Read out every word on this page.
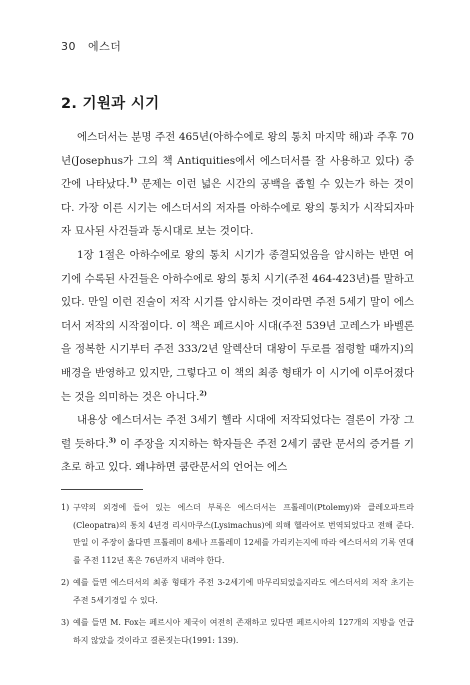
30 에스더
2. 기원과 시기

에스더서는 분명 주전 465년(아하수에로 왕의 통치 마지막 해)과 주후 70년(Josephus가 그의 책 Antiquities에서 에스더서를 잘 사용하고 있다) 중간에 나타났다.$^{1)}$ 문제는 이런 넓은 시간의 공백을 좁힐 수 있는가 하는 것이다. 가장 이른 시기는 에스더서의 저자를 아하수에로 왕의 통치가 시작되자마자 묘사된 사건들과 동시대로 보는 것이다.

1장 1절은 아하수에로 왕의 통치 시기가 종결되었음을 암시하는 반면 여기에 수록된 사건들은 아하수에로 왕의 통치 시기(주전 464-423년)를 말하고 있다. 만일 이런 진술이 저작 시기를 암시하는 것이라면 주전 5세기 말이 에스더서 저작의 시작점이다. 이 책은 페르시아 시대(주전 539년 고레스가 바벨론을 정복한 시기부터 주전 333/2년 알렉산더 대왕이 두로를 점령할 때까지)의 배경을 반영하고 있지만, 그렇다고 이 책의 최종 형태가 이 시기에 이루어졌다는 것을 의미하는 것은 아니다.$^{2)}$

내용상 에스더서는 주전 3세기 헬라 시대에 저작되었다는 결론이 가장 그럴 듯하다.$^{3)}$ 이 주장을 지지하는 학자들은 주전 2세기 쿰란 문서의 증거를 기초로 하고 있다. 왜냐하면 쿰란문서의 언어는 에스

1) 구약의 외경에 들어 있는 에스더 부록은 에스더서는 프톨레미(Ptolemy)와 클레오파트라(Cleopatra)의 통치 4년경 리시마쿠스(Lysimachus)에 의해 헬라어로 번역되었다고 전해 준다. 만일 이 주장이 옳다면 프톨레미 8세나 프톨레미 12세를 가리키는지에 따라 에스더서의 기록 연대를 주전 112년 혹은 76년까지 내려야 한다.
2) 예를 들면 에스더서의 최종 형태가 주전 3-2세기에 마무리되었을지라도 에스더서의 저작 초기는 주전 5세기경일 수 있다.
3) 예를 들면 M. Fox는 페르시아 제국이 여전히 존재하고 있다면 페르시아의 127개의 지방을 언급하지 않았을 것이라고 결론짓는다(1991: 139).
